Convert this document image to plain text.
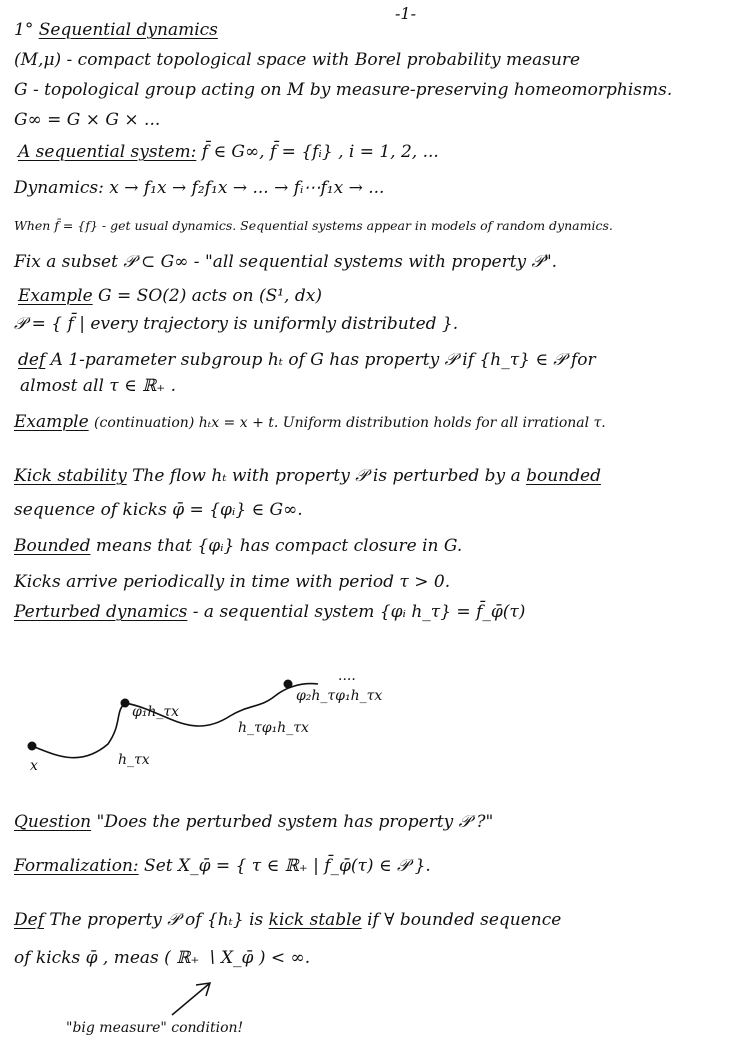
-1-
1° Sequential dynamics
(M,μ) - compact topological space with Borel probability measure
G - topological group acting on M by measure-preserving homeomorphisms.
G∞ = G × G × ...
A sequential system: f̄ ∈ G∞, f̄ = {fᵢ} , i = 1, 2, ...
Dynamics: x → f₁x → f₂f₁x → ... → fᵢ⋯f₁x → ...
When f̄ = {f} - get usual dynamics. Sequential systems appear in models of random dynamics.
Fix a subset 𝒫 ⊂ G∞ - "all sequential systems with property 𝒫".
Example G = SO(2) acts on (S¹, dx)
𝒫 = { f̄ | every trajectory is uniformly distributed }.
def A 1-parameter subgroup hₜ of G has property 𝒫 if {h_τ} ∈ 𝒫 for
almost all τ ∈ ℝ₊ .
Example (continuation) hₜx = x + t. Uniform distribution holds for all irrational τ.
Kick stability The flow hₜ with property 𝒫 is perturbed by a bounded
sequence of kicks φ̄ = {φᵢ} ∈ G∞.
Bounded means that {φᵢ} has compact closure in G.
Kicks arrive periodically in time with period τ > 0.
Perturbed dynamics - a sequential system {φᵢ h_τ} = f̄_φ̄(τ)
x	h_τx
φ₁h_τx
h_τφ₁h_τx
φ₂h_τφ₁h_τx
....
Question "Does the perturbed system has property 𝒫 ?"
Formalization: Set X_φ̄ = { τ ∈ ℝ₊ | f̄_φ̄(τ) ∈ 𝒫 }.
Def The property 𝒫 of {hₜ} is kick stable if ∀ bounded sequence
of kicks φ̄ , meas ( ℝ₊ ∖ X_φ̄ ) < ∞.
"big measure" condition!
